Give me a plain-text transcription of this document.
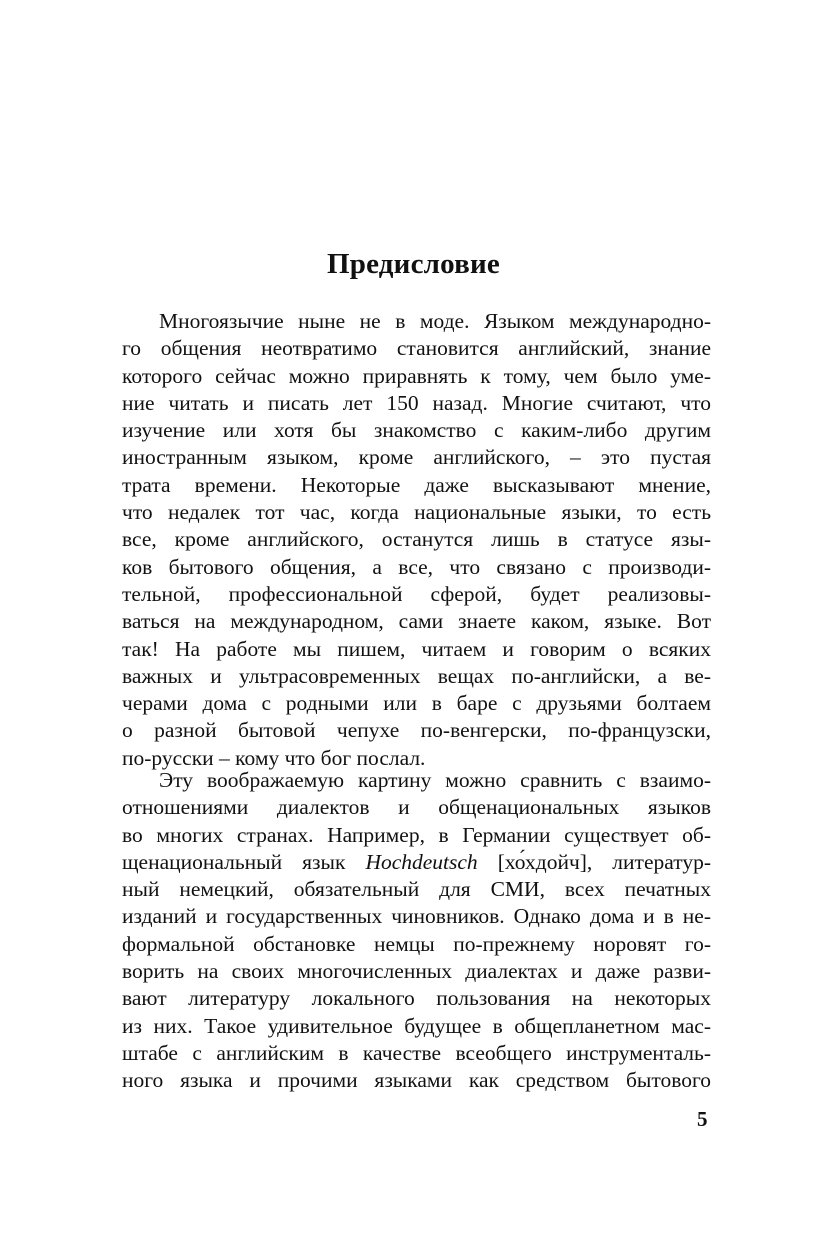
Предисловие
Многоязычие ныне не в моде. Языком международно-
го общения неотвратимо становится английский, знание
которого сейчас можно приравнять к тому, чем было уме-
ние читать и писать лет 150 назад. Многие считают, что
изучение или хотя бы знакомство с каким-либо другим
иностранным языком, кроме английского, – это пустая
трата времени. Некоторые даже высказывают мнение,
что недалек тот час, когда национальные языки, то есть
все, кроме английского, останутся лишь в статусе язы-
ков бытового общения, а все, что связано с производи-
тельной, профессиональной сферой, будет реализовы-
ваться на международном, сами знаете каком, языке. Вот
так! На работе мы пишем, читаем и говорим о всяких
важных и ультрасовременных вещах по-английски, а ве-
черами дома с родными или в баре с друзьями болтаем
о разной бытовой чепухе по-венгерски, по-французски,
по-русски – кому что бог послал.
Эту воображаемую картину можно сравнить с взаимо-
отношениями диалектов и общенациональных языков
во многих странах. Например, в Германии существует об-
щенациональный язык Hochdeutsch [хо́хдойч], литератур-
ный немецкий, обязательный для СМИ, всех печатных
изданий и государственных чиновников. Однако дома и в не-
формальной обстановке немцы по-прежнему норовят го-
ворить на своих многочисленных диалектах и даже разви-
вают литературу локального пользования на некоторых
из них. Такое удивительное будущее в общепланетном мас-
штабе с английским в качестве всеобщего инструменталь-
ного языка и прочими языками как средством бытового
5
